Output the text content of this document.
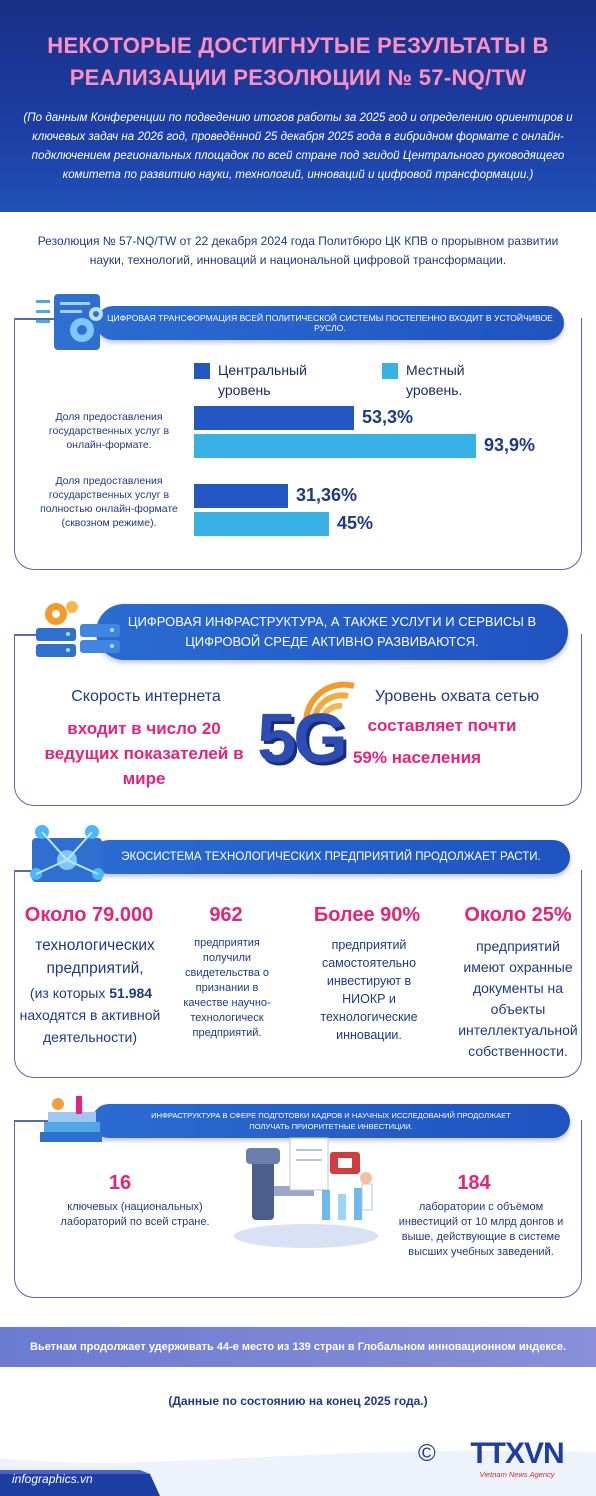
НЕКОТОРЫЕ ДОСТИГНУТЫЕ РЕЗУЛЬТАТЫ В
РЕАЛИЗАЦИИ РЕЗОЛЮЦИИ № 57-NQ/TW
(По данным Конференции по подведению итогов работы за 2025 год и определению ориентиров и ключевых задач на 2026 год, проведённой 25 декабря 2025 года в гибридном формате с онлайн-подключением региональных площадок по всей стране под эгидой Центрального руководящего комитета по развитию науки, технологий, инноваций и цифровой трансформации.)
Резолюция № 57-NQ/TW от 22 декабря 2024 года Политбюро ЦК КПВ о прорывном развитии науки, технологий, инноваций и национальной цифровой трансформации.
ЦИФРОВАЯ ТРАНСФОРМАЦИЯ ВСЕЙ ПОЛИТИЧЕСКОЙ СИСТЕМЫ ПОСТЕПЕННО ВХОДИТ В УСТОЙЧИВОЕ РУСЛО.
Центральный уровень
Местный уровень.
Доля предоставления государственных услуг в онлайн-формате.
Доля предоставления государственных услуг в полностью онлайн-формате (сквозном режиме).
53,3%
93,9%
31,36%
45%
ЦИФРОВАЯ ИНФРАСТРУКТУРА, А ТАКЖЕ УСЛУГИ И СЕРВИСЫ В ЦИФРОВОЙ СРЕДЕ АКТИВНО РАЗВИВАЮТСЯ.
Скорость интернета
входит в число 20 ведущих показателей в мире
5G
Уровень охвата сетью
составляет почти
59% населения
ЭКОСИСТЕМА ТЕХНОЛОГИЧЕСКИХ ПРЕДПРИЯТИЙ ПРОДОЛЖАЕТ РАСТИ.
Около 79.000
технологических предприятий,
(из которых 51.984
находятся в активной деятельности)
962
предприятия получили свидетельства о признании в качестве научно-технологическ предприятий.
Более 90%
предприятий самостоятельно инвестируют в НИОКР и технологические инновации.
Около 25%
предприятий имеют охранные документы на объекты интеллектуальной собственности.
ИНФРАСТРУКТУРА В СФЕРЕ ПОДГОТОВКИ КАДРОВ И НАУЧНЫХ ИССЛЕДОВАНИЙ ПРОДОЛЖАЕТ ПОЛУЧАТЬ ПРИОРИТЕТНЫЕ ИНВЕСТИЦИИ.
16
ключевых (национальных) лабораторий по всей стране.
184
лаборатории с объёмом инвестиций от 10 млрд донгов и выше, действующие в системе высших учебных заведений.
Вьетнам продолжает удерживать 44-е место из 139 стран в Глобальном инновационном индексе.
(Данные по состоянию на конец 2025 года.)
infographics.vn
©	TTXVN
Vietnam News Agency
